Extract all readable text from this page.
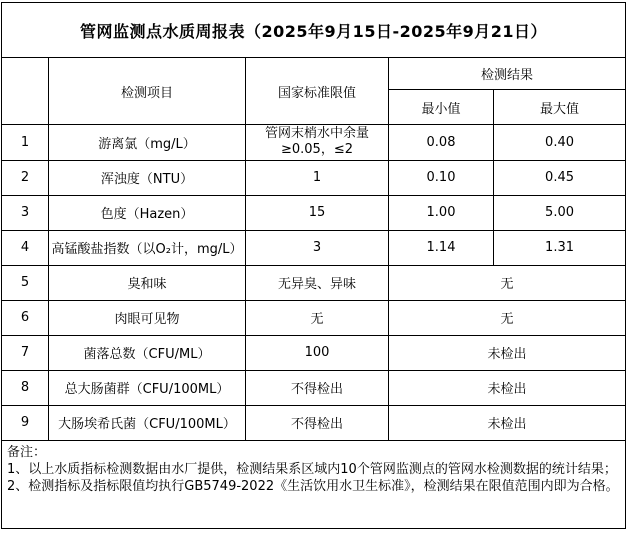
管网监测点水质周报表（2025年9月15日-2025年9月21日）				
	检测项目	国家标准限值	检测结果	
			最小值	最大值
1	游离氯（mg/L）	管网末梢水中余量≥0.05，≤2	0.08	0.40
2	浑浊度（NTU）	1	0.10	0.45
3	色度（Hazen）	15	1.00	5.00
4	高锰酸盐指数（以O₂计，mg/L）	3	1.14	1.31
5	臭和味	无异臭、异味	无	
6	肉眼可见物	无	无	
7	菌落总数（CFU/ML）	100	未检出	
8	总大肠菌群（CFU/100ML）	不得检出	未检出	
9	大肠埃希氏菌（CFU/100ML）	不得检出	未检出	

备注：
1、以上水质指标检测数据由水厂提供，检测结果系区域内10个管网监测点的管网水检测数据的统计结果；
2、检测指标及指标限值均执行GB5749-2022《生活饮用水卫生标准》，检测结果在限值范围内即为合格。				
